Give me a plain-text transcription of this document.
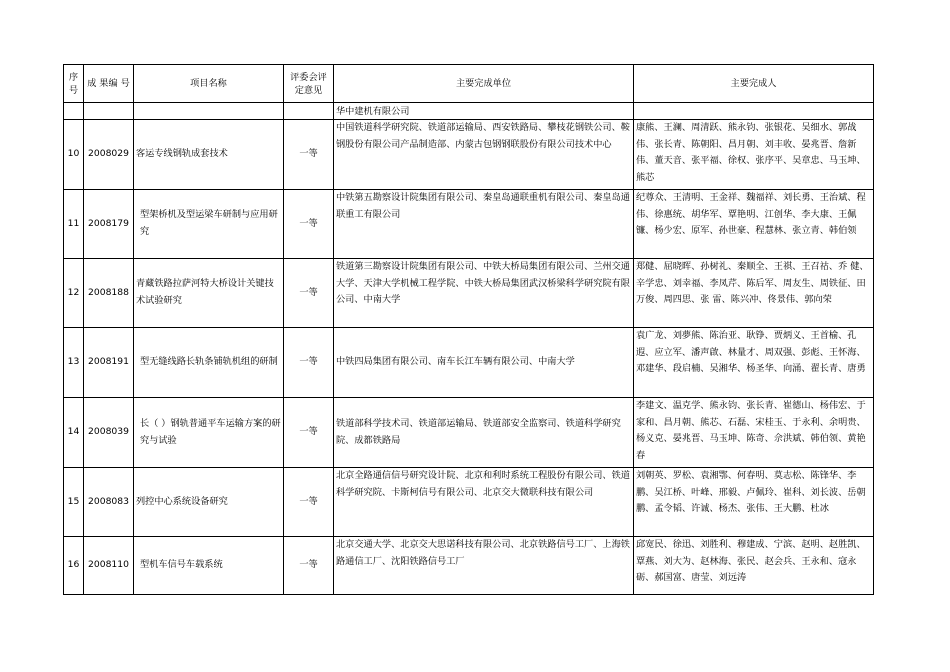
序号	成 果编 号	项目名称	评委会评定意见	主要完成单位	主要完成人
				华中建机有限公司	
10	2008029	客运专线钢轨成套技术	一等	中国铁道科学研究院、铁道部运输局、西安铁路局、攀枝花钢铁公司、鞍钢股份有限公司产品制造部、内蒙古包钢钢联股份有限公司技术中心	康熊、王澜、周清跃、熊永钧、张银花、吴细水、郭战伟、张长青、陈朝阳、昌月朝、刘丰收、晏兆晋、詹新伟、董天音、张平福、徐权、张序平、吴章忠、马玉坤、熊芯
11	2008179	型架桥机及型运梁车研制与应用研究	一等	中铁第五勘察设计院集团有限公司、秦皇岛通联重机有限公司、秦皇岛通联重工有限公司	纪尊众、王清明、王金祥、魏福祥、刘长勇、王治斌、程 伟、徐惠统、胡华军、覃艳明、江创华、李大康、王佩镰、杨少宏、原军、孙世豪、程慧林、张立青、韩伯领
12	2008188	青藏铁路拉萨河特大桥设计关键技术试验研究	一等	铁道第三勘察设计院集团有限公司、中铁大桥局集团有限公司、兰州交通大学、天津大学机械工程学院、中铁大桥局集团武汉桥梁科学研究院有限公司、中南大学	郑健、屈晓晖、孙树礼、秦顺全、王祺、王召祜、乔 健、辛学忠、刘幸福、李凤芹、陈后军、周友生、周铁征、田万俊、周四思、张 雷、陈兴冲、佟景伟、郭向荣
13	2008191	型无缝线路长轨条铺轨机组的研制	一等	中铁四局集团有限公司、南车长江车辆有限公司、中南大学	袁广龙、刘夢熊、陈治亚、耿铮、贾炳义、王首榆、孔 遐、应立军、潘声啟、林量才、周双强、彭彪、王怀海、邓建华、段启楠、吴湘华、杨圣华、向涌、翟长青、唐勇
14	2008039	长（ ）钢轨普通平车运输方案的研究与试验	一等	铁道部科学技术司、铁道部运输局、铁道部安全监察司、铁道科学研究院、成都铁路局	李建文、温克学、熊永钧、张长青、崔德山、杨伟宏、于家和、昌月朝、熊芯、石磊、宋桂玉、于永利、余明贵、杨义克、晏兆晋、马玉坤、陈奇、佘洪斌、韩伯领、黄艳春
15	2008083	列控中心系统设备研究	一等	北京全路通信信号研究设计院、北京和利时系统工程股份有限公司、铁道科学研究院、卡斯柯信号有限公司、北京交大微联科技有限公司	刘朝英、罗松、袁湘鄂、何春明、莫志松、陈锋华、李鹏、吴江桥、叶峰、邢毅、卢佩玲、崔科、刘长波、岳朝鹏、孟令韬、许诚、杨杰、张伟、王大鹏、杜冰
16	2008110	型机车信号车载系统	一等	北京交通大学、北京交大思诺科技有限公司、北京铁路信号工厂、上海铁路通信工厂、沈阳铁路信号工厂	邱宽民、徐迅、刘胜利、穆建成、宁滨、赵明、赵胜凯、覃燕、刘大为、赵林海、张民、赵会兵、王永和、寇永砺、郝国富、唐莹、刘远涛
